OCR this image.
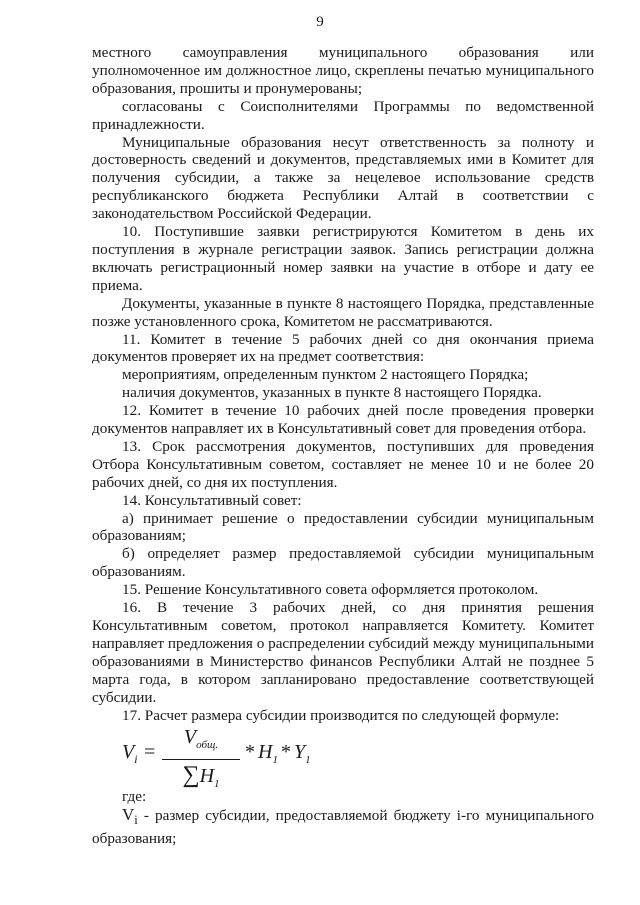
9

местного самоуправления муниципального образования или уполномоченное им должностное лицо, скреплены печатью муниципального образования, прошиты и пронумерованы;

согласованы с Соисполнителями Программы по ведомственной принадлежности.

Муниципальные образования несут ответственность за полноту и достоверность сведений и документов, представляемых ими в Комитет для получения субсидии, а также за нецелевое использование средств республиканского бюджета Республики Алтай в соответствии с законодательством Российской Федерации.

10. Поступившие заявки регистрируются Комитетом в день их поступления в журнале регистрации заявок. Запись регистрации должна включать регистрационный номер заявки на участие в отборе и дату ее приема.

Документы, указанные в пункте 8 настоящего Порядка, представленные позже установленного срока, Комитетом не рассматриваются.

11. Комитет в течение 5 рабочих дней со дня окончания приема документов проверяет их на предмет соответствия:

мероприятиям, определенным пунктом 2 настоящего Порядка;

наличия документов, указанных в пункте 8 настоящего Порядка.

12. Комитет в течение 10 рабочих дней после проведения проверки документов направляет их в Консультативный совет для проведения отбора.

13. Срок рассмотрения документов, поступивших для проведения Отбора Консультативным советом, составляет не менее 10 и не более 20 рабочих дней, со дня их поступления.

14. Консультативный совет:

а) принимает решение о предоставлении субсидии муниципальным образованиям;

б) определяет размер предоставляемой субсидии муниципальным образованиям.

15. Решение Консультативного совета оформляется протоколом.

16. В течение 3 рабочих дней, со дня принятия решения Консультативным советом, протокол направляется Комитету. Комитет направляет предложения о распределении субсидий между муниципальными образованиями в Министерство финансов Республики Алтай не позднее 5 марта года, в котором запланировано предоставление соответствующей субсидии.

17. Расчет размера субсидии производится по следующей формуле:

$V_i$ =
$V_{общ.}$
$\sum H_1$
* $H_1 * Y_1$

где:

$V_i$ - размер субсидии, предоставляемой бюджету i-го муниципального образования;
